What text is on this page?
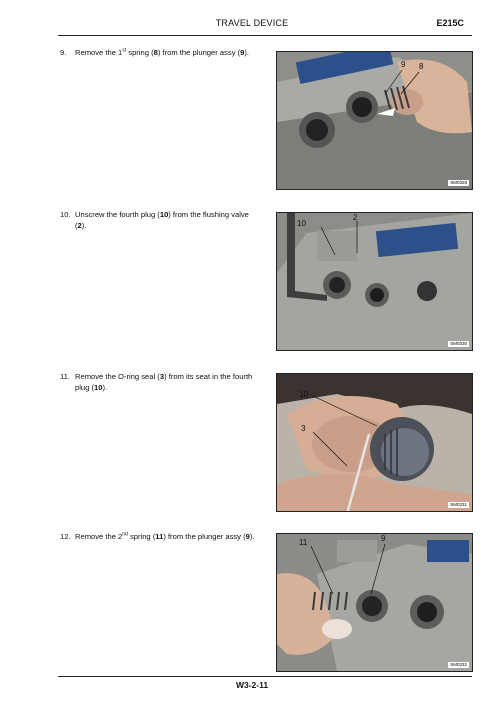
TRAVEL DEVICE	E215C
9. Remove the 1st spring (8) from the plunger assy (9).
9 8
SM0328
10. Unscrew the fourth plug (10) from the flushing valve (2).	10
2
SM0330
11. Remove the O-ring seal (3) from its seat in the fourth plug (10).
10
3
SM0331
12. Remove the 2nd spring (11) from the plunger assy (9).
11	9
SM0332
W3-2-11
